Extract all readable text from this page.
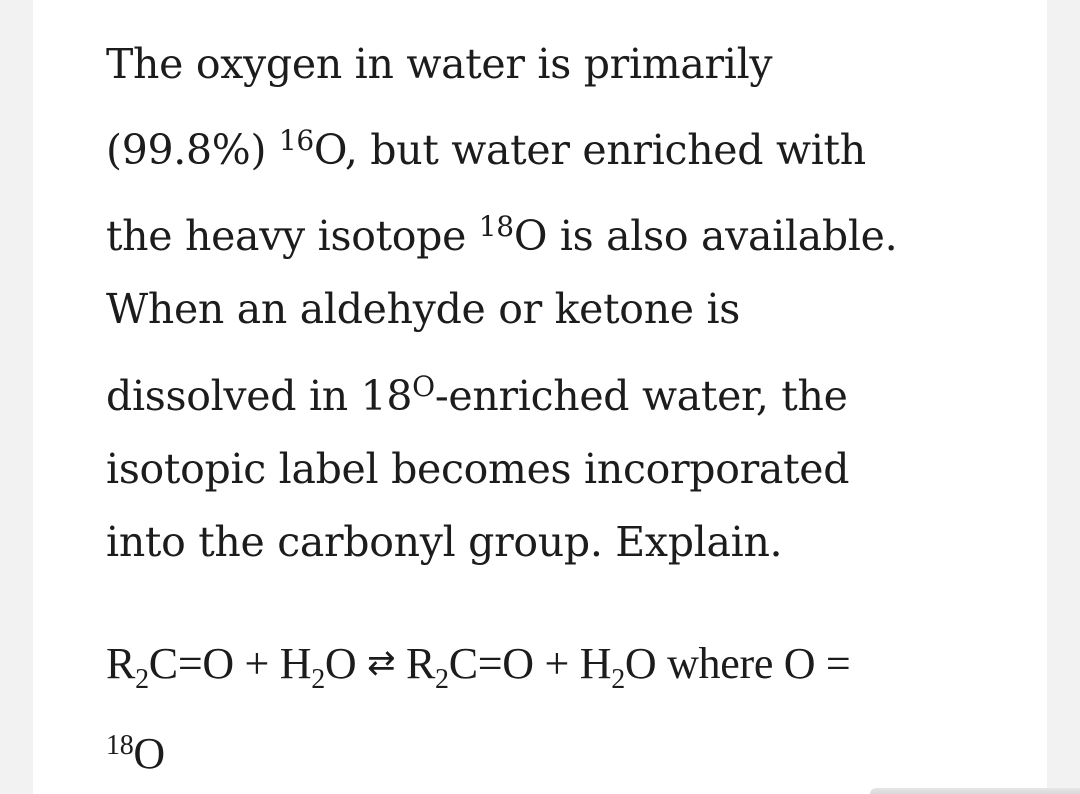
The oxygen in water is primarily
(99.8%) $^{16}$O, but water enriched with
the heavy isotope $^{18}$O is also available.
When an aldehyde or ketone is
dissolved in $18^O$-enriched water, the
isotopic label becomes incorporated
into the carbonyl group. Explain.
$R_2C=O + H_2O$ ⇄ $R_2C=O + H_2O$ where O =
$^{18}$O
